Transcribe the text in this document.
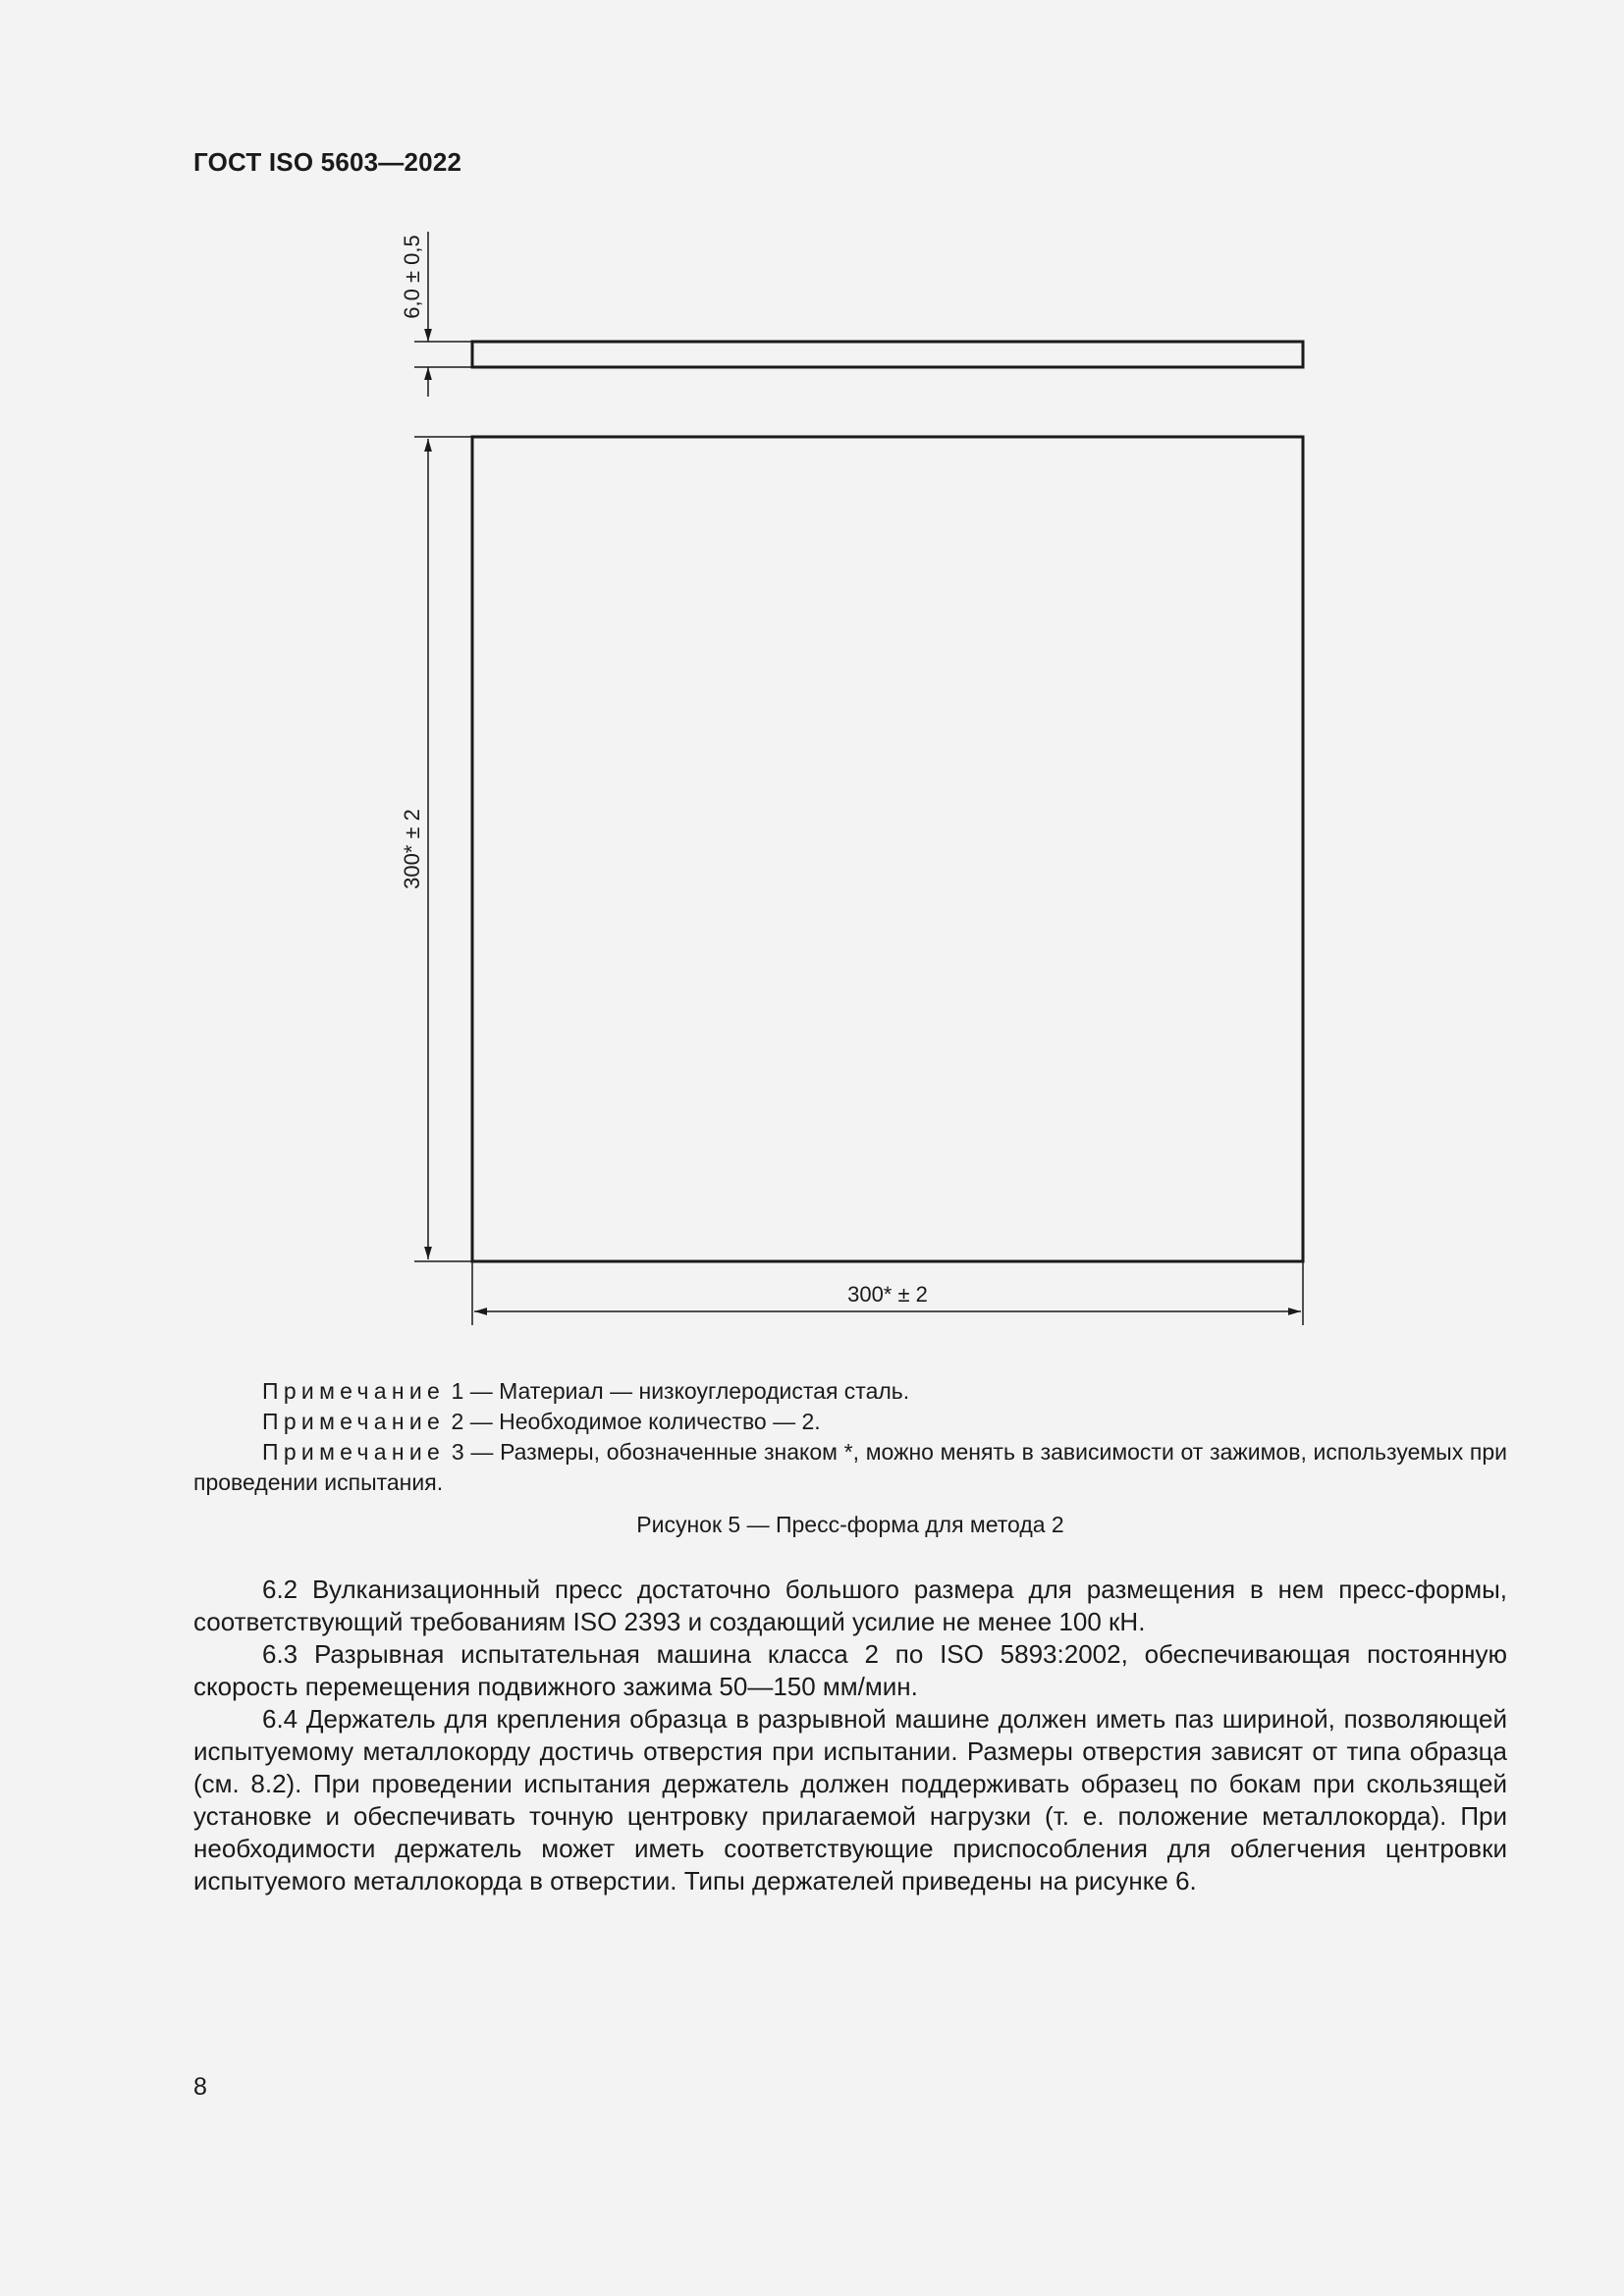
ГОСТ ISO 5603—2022
6,0 ± 0,5
300* ± 2
300* ± 2
Примечание 1 — Материал — низкоуглеродистая сталь.
Примечание 2 — Необходимое количество — 2.
Примечание 3 — Размеры, обозначенные знаком *, можно менять в зависимости от зажимов, используемых при проведении испытания.
Рисунок 5 — Пресс-форма для метода 2

6.2 Вулканизационный пресс достаточно большого размера для размещения в нем пресс-формы, соответствующий требованиям ISO 2393 и создающий усилие не менее 100 кН.

6.3 Разрывная испытательная машина класса 2 по ISO 5893:2002, обеспечивающая постоянную скорость перемещения подвижного зажима 50—150 мм/мин.

6.4 Держатель для крепления образца в разрывной машине должен иметь паз шириной, позволяющей испытуемому металлокорду достичь отверстия при испытании. Размеры отверстия зависят от типа образца (см. 8.2). При проведении испытания держатель должен поддерживать образец по бокам при скользящей установке и обеспечивать точную центровку прилагаемой нагрузки (т. е. положение металлокорда). При необходимости держатель может иметь соответствующие приспособления для облегчения центровки испытуемого металлокорда в отверстии. Типы держателей приведены на рисунке 6.

8
